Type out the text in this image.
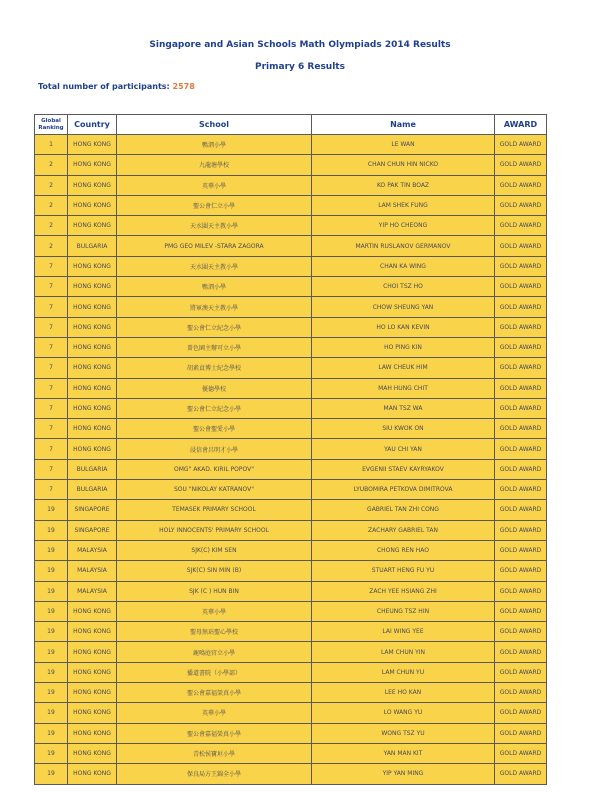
Singapore and Asian Schools Math Olympiads 2014 Results
Primary 6 Results
Total number of participants: 2578
Global Ranking	Country	School	Name	AWARD
1	HONG KONG	鴨泗小學	LE WAN	GOLD AWARD
2	HONG KONG	九龍塘學校	CHAN CHUN HIN NICKO	GOLD AWARD
2	HONG KONG	英華小學	KO PAK TIN BOAZ	GOLD AWARD
2	HONG KONG	聖公會仁立小學	LAM SHEK FUNG	GOLD AWARD
2	HONG KONG	天水圍天主教小學	YIP HO CHEONG	GOLD AWARD
2	BULGARIA	PMG GEO MILEV -STARA ZAGORA	MARTIN RUSLANOV GERMANOV	GOLD AWARD
7	HONG KONG	天水圍天主教小學	CHAN KA WING	GOLD AWARD
7	HONG KONG	鴨泗小學	CHOI TSZ HO	GOLD AWARD
7	HONG KONG	將軍澳天主教小學	CHOW SHEUNG YAN	GOLD AWARD
7	HONG KONG	聖公會仁立紀念小學	HO LO KAN KEVIN	GOLD AWARD
7	HONG KONG	嗇色園主辦可立小學	HO PING KIN	GOLD AWARD
7	HONG KONG	胡素貞博士紀念學校	LAW CHEUK HIM	GOLD AWARD
7	HONG KONG	優德學校	MAH HUNG CHIT	GOLD AWARD
7	HONG KONG	聖公會仁立紀念小學	MAN TSZ WA	GOLD AWARD
7	HONG KONG	聖公會聖愛小學	SIU KWOK ON	GOLD AWARD
7	HONG KONG	浸信會呂明才小學	YAU CHI YAN	GOLD AWARD
7	BULGARIA	OMG" AKAD. KIRIL POPOV"	EVGENII STAEV KAYRYAKOV	GOLD AWARD
7	BULGARIA	SOU "NIKOLAY KATRANOV"	LYUBOMIRA PETKOVA DIMITROVA	GOLD AWARD
19	SINGAPORE	TEMASEK PRIMARY SCHOOL	GABRIEL TAN ZHI CONG	GOLD AWARD
19	SINGAPORE	HOLY INNOCENTS' PRIMARY SCHOOL	ZACHARY GABRIEL TAN	GOLD AWARD
19	MALAYSIA	SJK(C) KIM SEN	CHONG REN HAO	GOLD AWARD
19	MALAYSIA	SJK(C) SIN MIN (B)	STUART HENG FU YU	GOLD AWARD
19	MALAYSIA	SJK (C ) HUN BIN	ZACH YEE HSIANG ZHI	GOLD AWARD
19	HONG KONG	英華小學	CHEUNG TSZ HIN	GOLD AWARD
19	HONG KONG	聖母無玷聖心學校	LAI WING YEE	GOLD AWARD
19	HONG KONG	鹿鳴庭官立小學	LAM CHUN YIN	GOLD AWARD
19	HONG KONG	播道書院（小學部）	LAM CHUN YU	GOLD AWARD
19	HONG KONG	聖公會嘉福榮真小學	LEE HO KAN	GOLD AWARD
19	HONG KONG	英華小學	LO WANG YU	GOLD AWARD
19	HONG KONG	聖公會嘉福榮真小學	WONG TSZ YU	GOLD AWARD
19	HONG KONG	青松侯寶垣小學	YAN MAN KIT	GOLD AWARD
19	HONG KONG	保良局方王錦全小學	YIP YAN MING	GOLD AWARD
